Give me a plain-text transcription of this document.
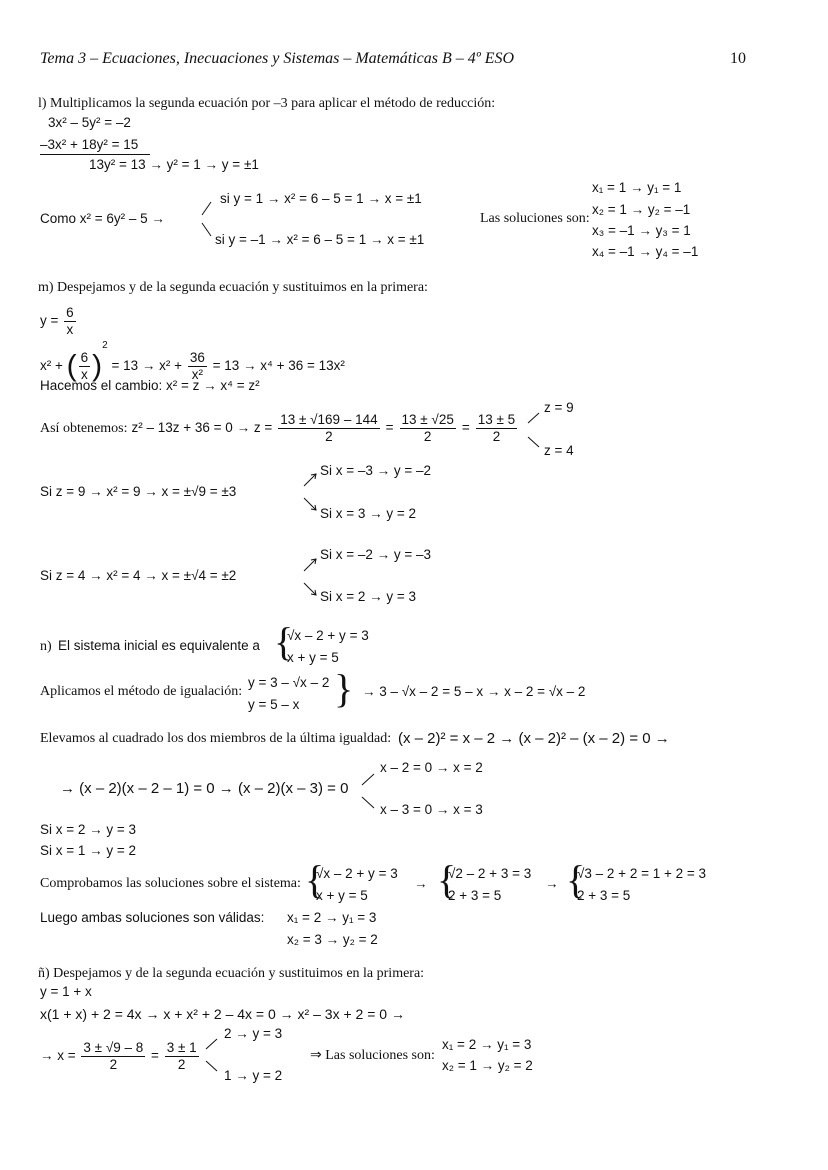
Tema 3 – Ecuaciones, Inecuaciones y Sistemas – Matemáticas B – 4º ESO	10
l) Multiplicamos la segunda ecuación por –3 para aplicar el método de reducción:
3x² – 5y² = –2
–3x² + 18y² = 15
13y² = 13 → y² = 1 → y = ±1
Como x² = 6y² – 5 →
si y = 1 → x² = 6 – 5 = 1 → x = ±1
si y = –1 → x² = 6 – 5 = 1 → x = ±1
Las soluciones son:
x₁ = 1 → y₁ = 1
x₂ = 1 → y₂ = –1
x₃ = –1 → y₃ = 1
x₄ = –1 → y₄ = –1
m) Despejamos y de la segunda ecuación y sustituimos en la primera:
$y = \frac{6}{x}$
x² + ( $\frac{6}{x} )^2 = 13 \to x^2 + \frac{36}{\text{x²}} = 13 \to x^4 + 36 = 13x^2$
Hacemos el cambio: x² = z → x⁴ = z²
Así obtenemos: $z^2 - 13z + 36 = 0 \to z = \frac{13 \pm √169 - 144}{2} = \frac{13 \pm √25}{2} = \frac{13 \pm 5}{2}$
z = 9
z = 4
Si z = 9 → x² = 9 → x = ±√9 = ±3
Si x = –3 → y = –2
Si x = 3 → y = 2
Si z = 4 → x² = 4 → x = ±√4 = ±2
Si x = –2 → y = –3
Si x = 2 → y = 3
n) El sistema inicial es equivalente a {
√x – 2 + y = 3
x + y = 5
Aplicamos el método de igualación:
y = 3 – √x – 2
y = 5 – x } → 3 – √x – 2 = 5 – x → x – 2 = √x – 2
Elevamos al cuadrado los dos miembros de la última igualdad: (x – 2)² = x – 2 → (x – 2)² – (x – 2) = 0 →
→ (x – 2)(x – 2 – 1) = 0 → (x – 2)(x – 3) = 0
x – 2 = 0 → x = 2
x – 3 = 0 → x = 3
Si x = 2 → y = 3
Si x = 1 → y = 2
Comprobamos las soluciones sobre el sistema: {
√x – 2 + y = 3
x + y = 5
→ {
√2 – 2 + 3 = 3
2 + 3 = 5
→ {
√3 – 2 + 2 = 1 + 2 = 3
2 + 3 = 5
Luego ambas soluciones son válidas: x₁ = 2 → y₁ = 3
x₂ = 3 → y₂ = 2
ñ) Despejamos y de la segunda ecuación y sustituimos en la primera:
y = 1 + x
x(1 + x) + 2 = 4x → x + x² + 2 – 4x = 0 → x² – 3x + 2 = 0 →
→ $x = \frac{3 \pm √9 - 8}{2} = \frac{3 \pm 1}{2}$
2 → y = 3
1 → y = 2
⇒ Las soluciones son:
x₁ = 2 → y₁ = 3
x₂ = 1 → y₂ = 2
